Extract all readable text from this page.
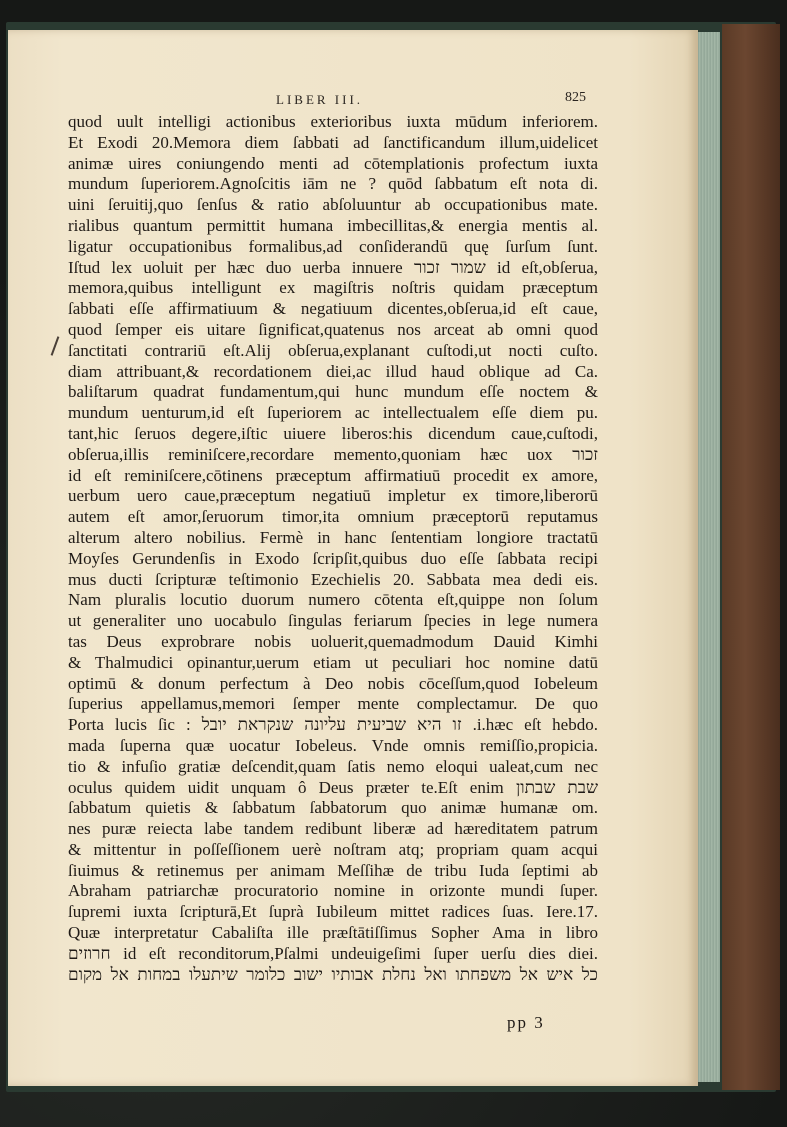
LIBER III.	825
quod uult intelligi actionibus exterioribus iuxta mūdum inferiorem.
Et Exodi 20.Memora diem ſabbati ad ſanctificandum illum,uidelicet
animæ uires coniungendo menti ad cōtemplationis profectum iuxta
mundum ſuperiorem.Agnoſcitis iām ne ? quōd ſabbatum eſt nota di.
uini ſeruitij,quo ſenſus & ratio abſoluuntur ab occupationibus mate.
rialibus quantum permittit humana imbecillitas,& energia mentis al.
ligatur occupationibus formalibus,ad conſiderandū quę ſurſum ſunt.
Iſtud lex uoluit per hæc duo uerba innuere שמור זכור id eſt,obſerua,
memora,quibus intelligunt ex magiſtris noſtris quidam præceptum
ſabbati eſſe affirmatiuum & negatiuum dicentes,obſerua,id eſt caue,
quod ſemper eis uitare ſignificat,quatenus nos arceat ab omni quod
ſanctitati contrariū eſt.Alij obſerua,explanant cuſtodi,ut nocti cuſto.
diam attribuant,& recordationem diei,ac illud haud oblique ad Ca.
baliſtarum quadrat fundamentum,qui hunc mundum eſſe noctem &
mundum uenturum,id eſt ſuperiorem ac intellectualem eſſe diem pu.
tant,hic ſeruos degere,iſtic uiuere liberos:his dicendum caue,cuſtodi,
obſerua,illis reminiſcere,recordare memento,quoniam hæc uox זכור
id eſt reminiſcere,cōtinens præceptum affirmatiuū procedit ex amore,
uerbum uero caue,præceptum negatiuū impletur ex timore,liberorū
autem eſt amor,ſeruorum timor,ita omnium præceptorū reputamus
alterum altero nobilius. Fermè in hanc ſententiam longiore tractatū
Moyſes Gerundenſis in Exodo ſcripſit,quibus duo eſſe ſabbata recipi
mus ducti ſcripturæ teſtimonio Ezechielis 20. Sabbata mea dedi eis.
Nam pluralis locutio duorum numero cōtenta eſt,quippe non ſolum
ut generaliter uno uocabulo ſingulas feriarum ſpecies in lege numera
tas Deus exprobrare nobis uoluerit,quemadmodum Dauid Kimhi
& Thalmudici opinantur,uerum etiam ut peculiari hoc nomine datū
optimū & donum perfectum à Deo nobis cōceſſum,quod Iobeleum
ſuperius appellamus,memori ſemper mente complectamur. De quo
Porta lucis ſic : זו היא שביעית עליונה שנקראת יובל .i.hæc eſt hebdo.
mada ſuperna quæ uocatur Iobeleus. Vnde omnis remiſſio,propicia.
tio & infuſio gratiæ deſcendit,quam ſatis nemo eloqui ualeat,cum nec
oculus quidem uidit unquam ô Deus præter te.Eſt enim שבת שבתון
ſabbatum quietis & ſabbatum ſabbatorum quo animæ humanæ om.
nes puræ reiecta labe tandem redibunt liberæ ad hæreditatem patrum
& mittentur in poſſeſſionem uerè noſtram atq; propriam quam acqui
ſiuimus & retinemus per animam Meſſihæ de tribu Iuda ſeptimi ab
Abraham patriarchæ procuratorio nomine in orizonte mundi ſuper.
ſupremi iuxta ſcripturā,Et ſuprà Iubileum mittet radices ſuas. Iere.17.
Quæ interpretatur Cabaliſta ille præſtātiſſimus Sopher Ama in libro
חרוזים id eſt reconditorum,Pſalmi undeuigeſimi ſuper uerſu dies diei.
כל איש אל משפחתו ואל נחלת אבותיו ישוב כלומר שיתעלו במחות אל מקום
pp 3
